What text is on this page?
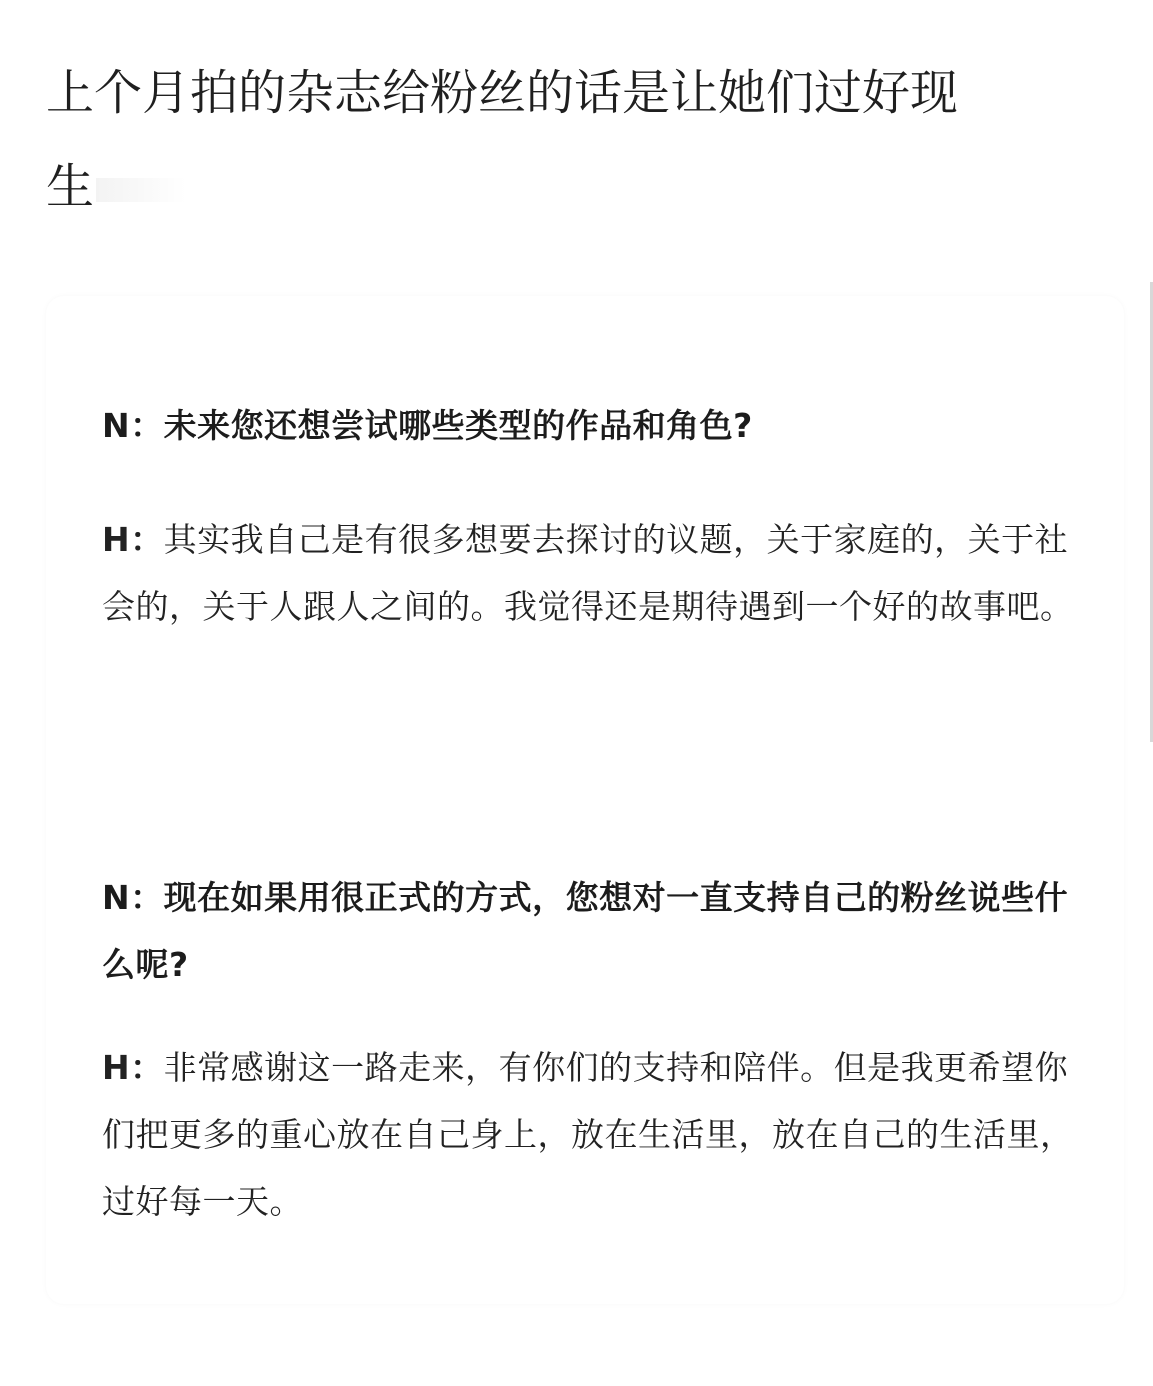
上个月拍的杂志给粉丝的话是让她们过好现
生

N：未来您还想尝试哪些类型的作品和角色?

H：其实我自己是有很多想要去探讨的议题，关于家庭的，关于社会的，关于人跟人之间的。我觉得还是期待遇到一个好的故事吧。

N：现在如果用很正式的方式，您想对一直支持自己的粉丝说些什么呢?

H：非常感谢这一路走来，有你们的支持和陪伴。但是我更希望你们把更多的重心放在自己身上，放在生活里，放在自己的生活里，过好每一天。
